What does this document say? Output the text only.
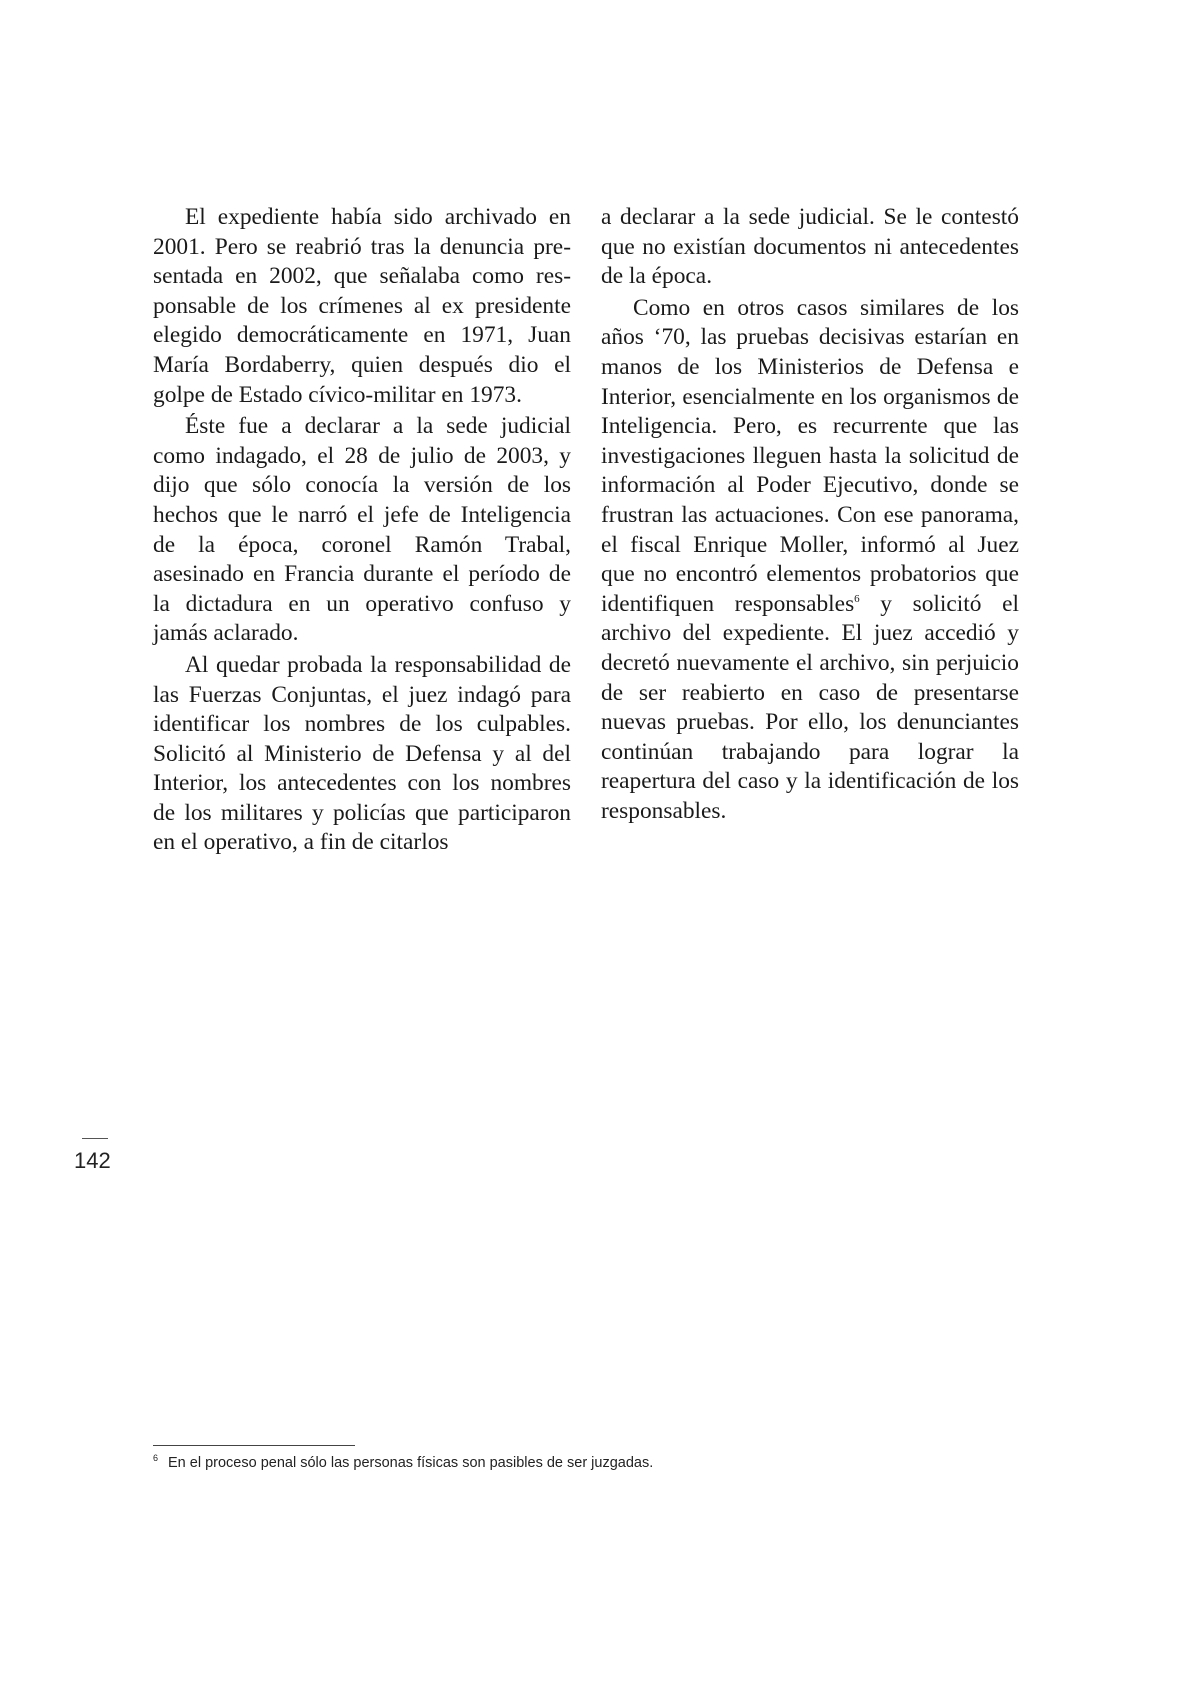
El expediente había sido archivado en 2001. Pero se reabrió tras la denuncia presentada en 2002, que señalaba como responsable de los crímenes al ex presidente elegido democráticamente en 1971, Juan María Bordaberry, quien después dio el golpe de Estado cívico-militar en 1973.

Éste fue a declarar a la sede judicial como indagado, el 28 de julio de 2003, y dijo que sólo conocía la versión de los hechos que le narró el jefe de Inteligencia de la época, coronel Ramón Trabal, asesinado en Francia durante el período de la dictadura en un operativo confuso y jamás aclarado.

Al quedar probada la responsabilidad de las Fuerzas Conjuntas, el juez indagó para identificar los nombres de los culpables. Solicitó al Ministerio de Defensa y al del Interior, los antecedentes con los nombres de los militares y policías que participaron en el operativo, a fin de citarlos

a declarar a la sede judicial. Se le contestó que no existían documentos ni antecedentes de la época.

Como en otros casos similares de los años ‘70, las pruebas decisivas estarían en manos de los Ministerios de Defensa e Interior, esencialmente en los organismos de Inteligencia. Pero, es recurrente que las investigaciones lleguen hasta la solicitud de información al Poder Ejecutivo, donde se frustran las actuaciones. Con ese panorama, el fiscal Enrique Moller, informó al Juez que no encontró elementos probatorios que identifiquen responsables$^6$ y solicitó el archivo del expediente. El juez accedió y decretó nuevamente el archivo, sin perjuicio de ser reabierto en caso de presentarse nuevas pruebas. Por ello, los denunciantes continúan trabajando para lograr la reapertura del caso y la identificación de los responsables.

142
$^6$ En el proceso penal sólo las personas físicas son pasibles de ser juzgadas.
